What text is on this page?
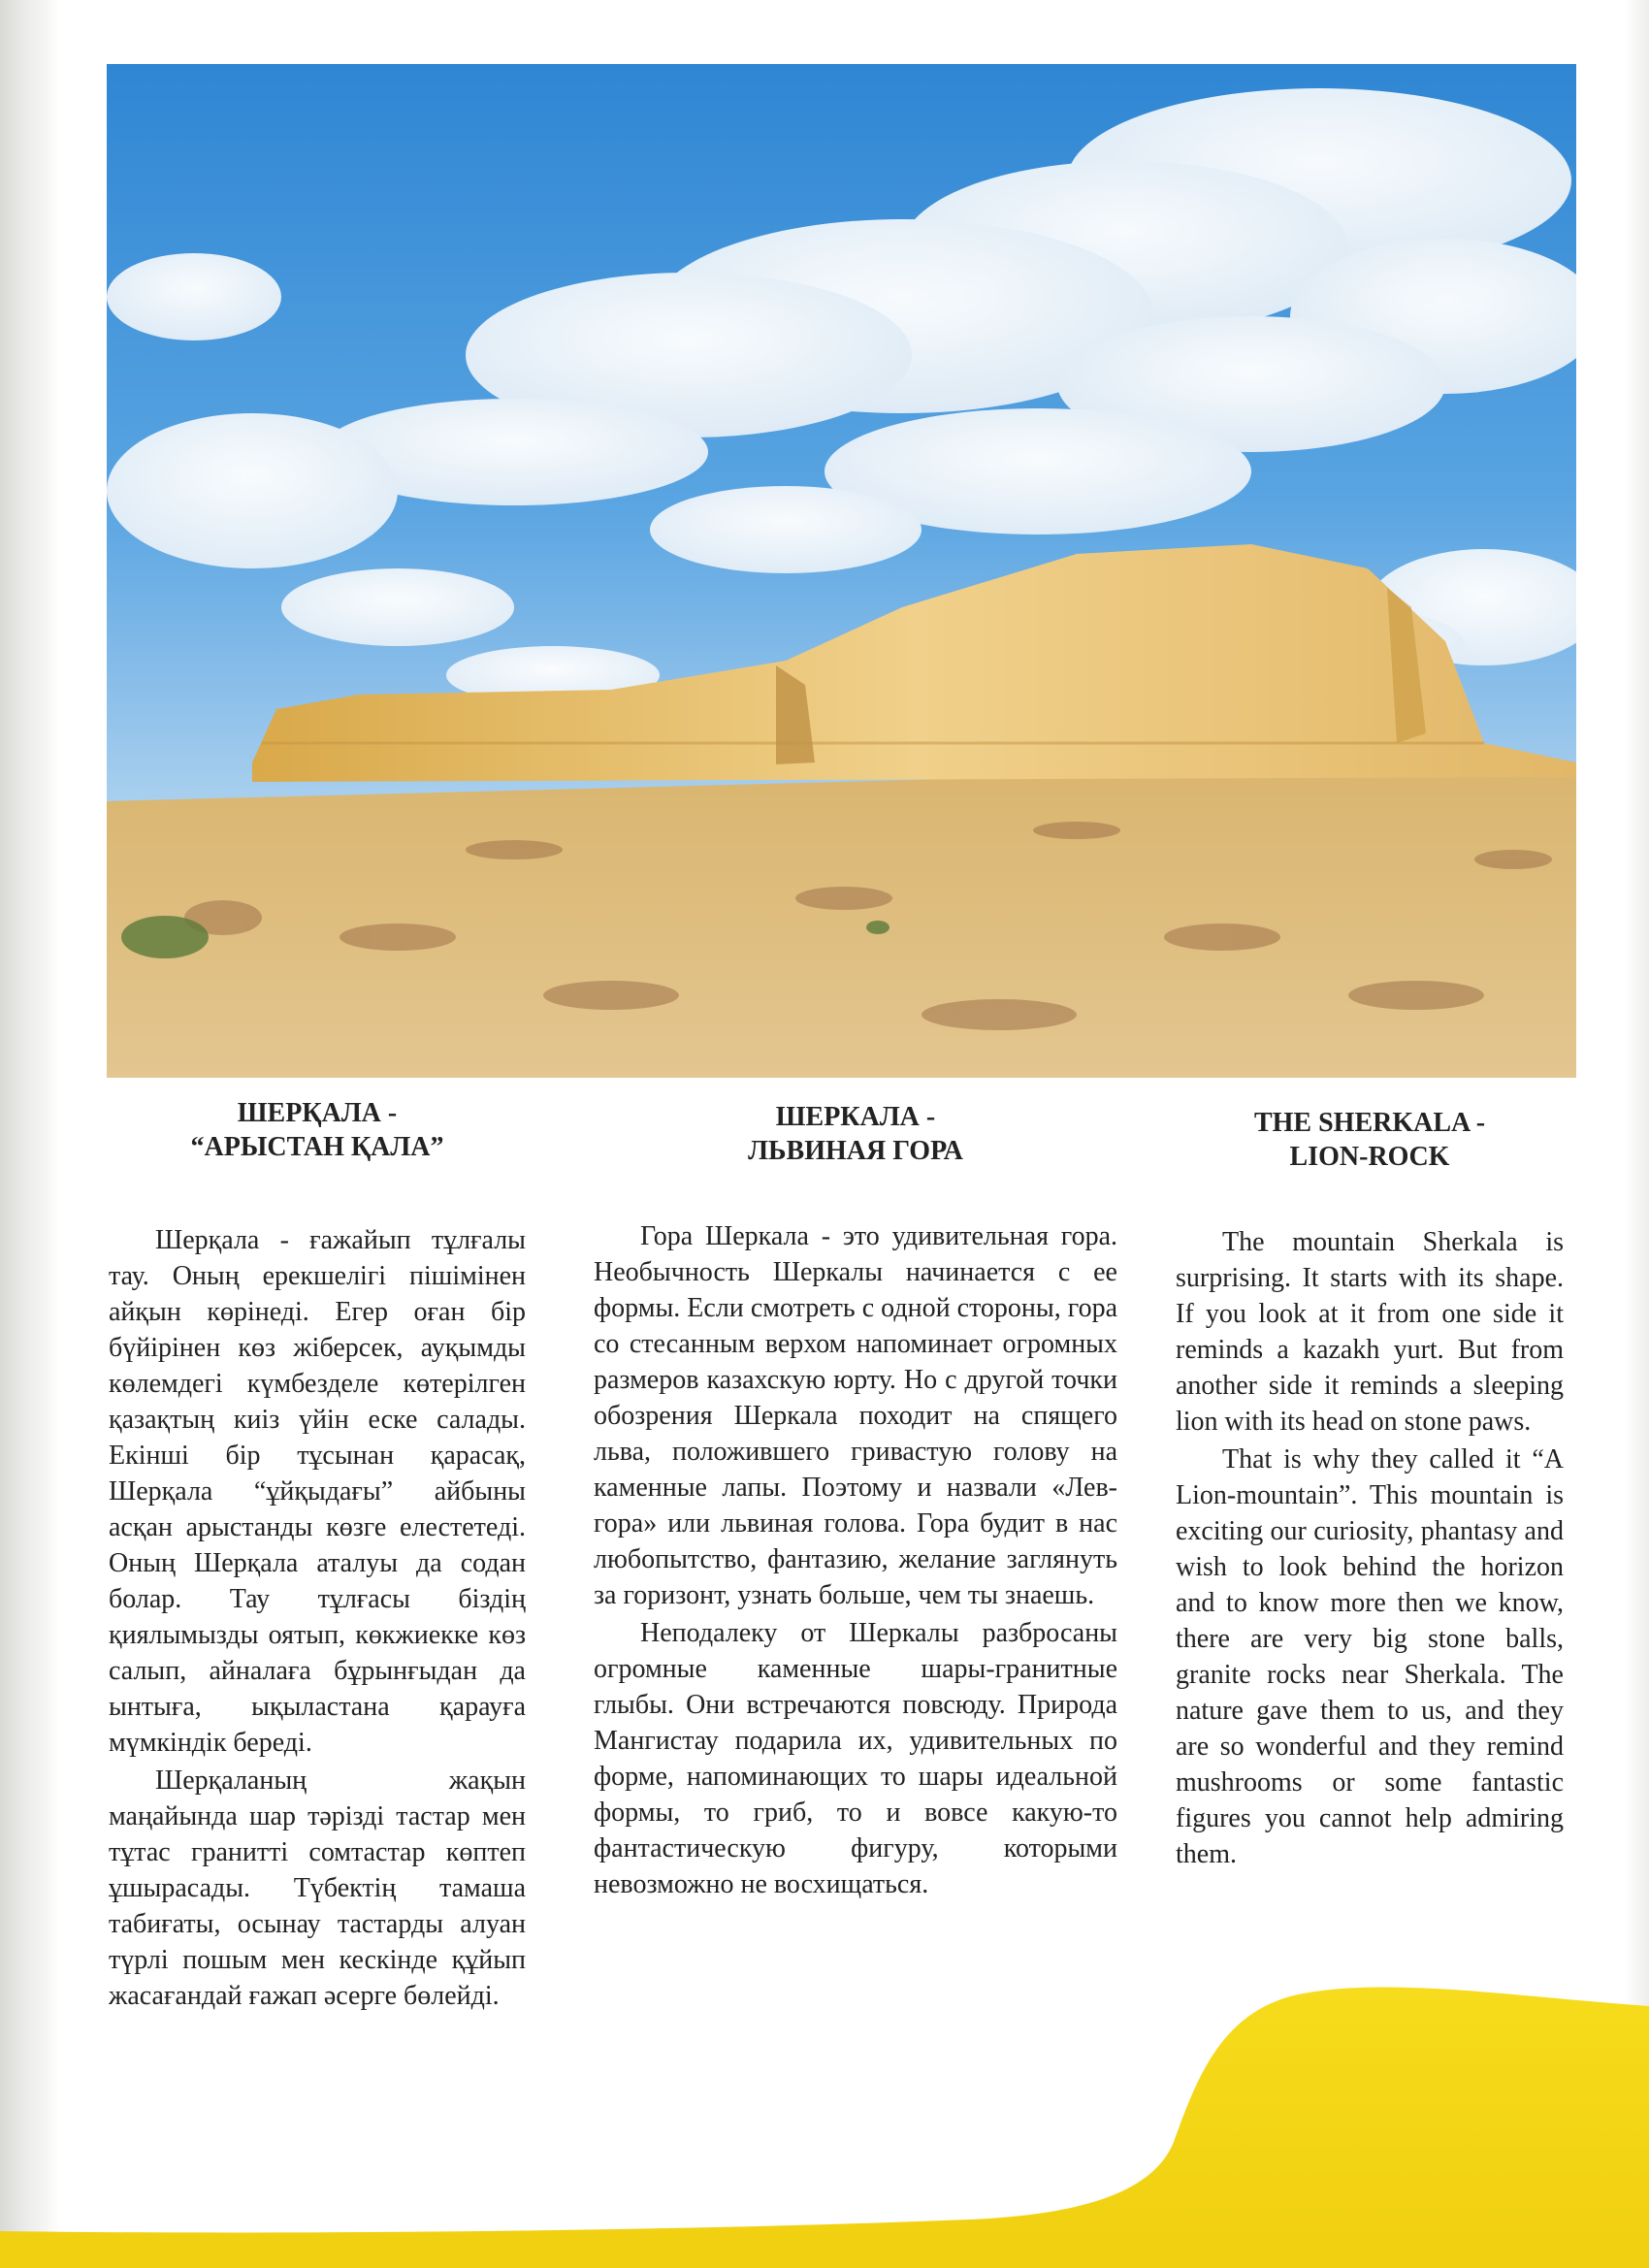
ШЕРҚАЛА -
“АРЫСТАН ҚАЛА”

Шерқала - ғажайып тұлғалы тау. Оның ерекшелігі пішімінен айқын көрінеді. Егер оған бір бүйірінен көз жіберсек, ауқымды көлемдегі күмбезделе көтерілген қазақтың киіз үйін еске салады. Екінші бір тұсынан қарасақ, Шерқала “ұйқыдағы” айбыны асқан арыстанды көзге елестетеді. Оның Шерқала аталуы да содан болар. Тау тұлғасы біздің қиялымызды оятып, көкжиекке көз салып, айналаға бұрынғыдан да ынтыға, ықыластана қарауға мүмкіндік береді.

Шерқаланың жақын маңайында шар тәрізді тастар мен тұтас граниттi сомтастар көптеп ұшырасады. Түбектің тамаша табиғаты, осынау тастарды алуан түрлі пошым мен кескінде құйып жасағандай ғажап әсерге бөлейді.

ШЕРКАЛА -
ЛЬВИНАЯ ГОРА

Гора Шеркала - это удивительная гора. Необычность Шеркалы начинается с ее формы. Если смотреть с одной стороны, гора со стесанным верхом напоминает огромных размеров казахскую юрту. Но с другой точки обозрения Шеркала походит на спящего льва, положившего гривастую голову на каменные лапы. Поэтому и назвали «Лев-гора» или львиная голова. Гора будит в нас любопытство, фантазию, желание заглянуть за горизонт, узнать больше, чем ты знаешь.

Неподалеку от Шеркалы разбросаны огромные каменные шары-гранитные глыбы. Они встречаются повсюду. Природа Мангистау подарила их, удивительных по форме, напоминающих то шары идеальной формы, то гриб, то и вовсе какую-то фантастическую фигуру, которыми невозможно не восхищаться.

THE SHERKALA -
LION-ROCK

The mountain Sherkala is surprising. It starts with its shape. If you look at it from one side it reminds a kazakh yurt. But from another side it reminds a sleeping lion with its head on stone paws.

That is why they called it “A Lion-mountain”. This mountain is exciting our curiosity, phantasy and wish to look behind the horizon and to know more then we know, there are very big stone balls, granite rocks near Sherkala. The nature gave them to us, and they are so wonderful and they remind mushrooms or some fantastic figures you cannot help admiring them.
